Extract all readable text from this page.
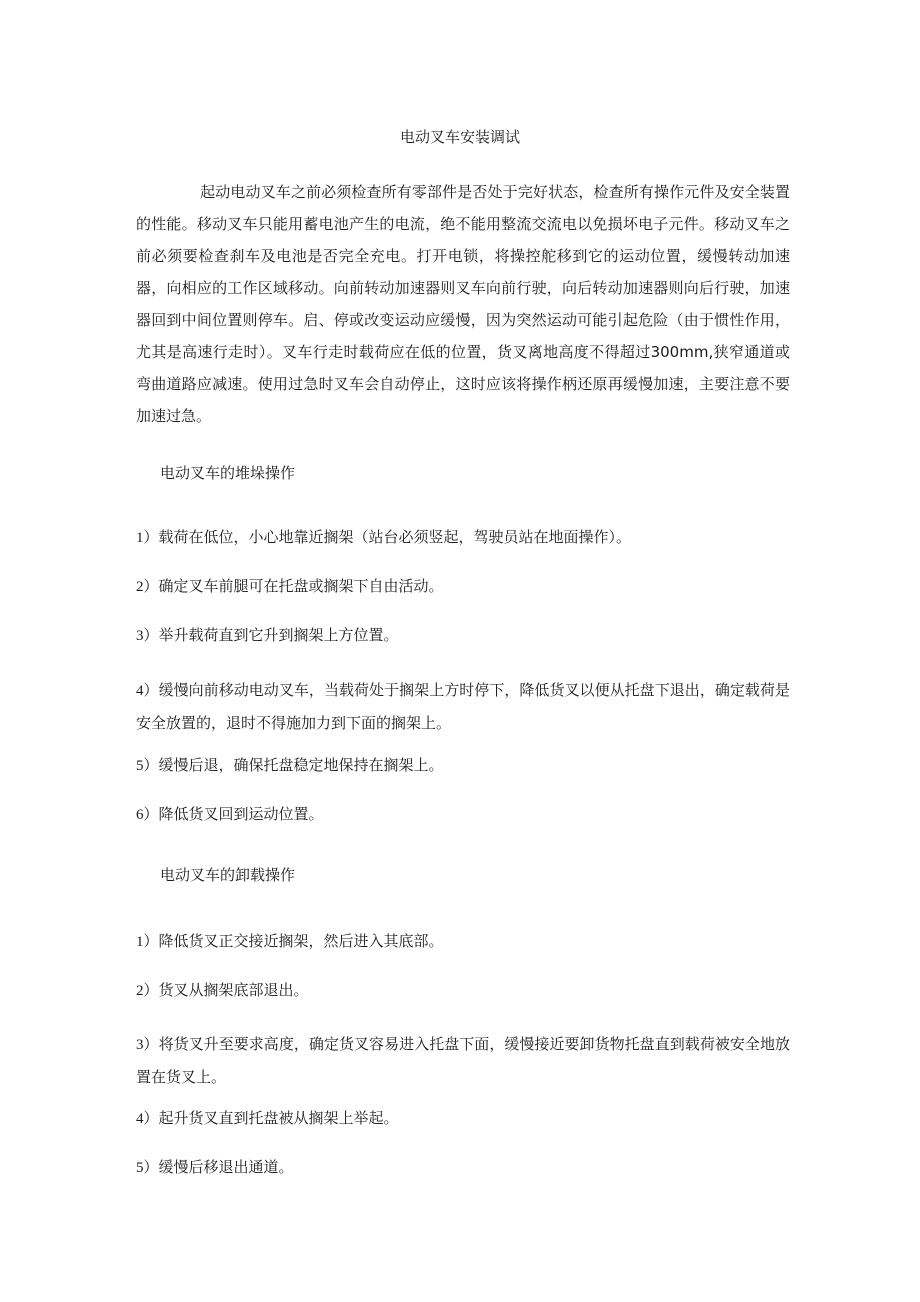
电动叉车安装调试

起动电动叉车之前必须检查所有零部件是否处于完好状态，检查所有操作元件及安全装置的性能。移动叉车只能用蓄电池产生的电流，绝不能用整流交流电以免损坏电子元件。移动叉车之前必须要检查刹车及电池是否完全充电。打开电锁，将操控舵移到它的运动位置，缓慢转动加速器，向相应的工作区域移动。向前转动加速器则叉车向前行驶，向后转动加速器则向后行驶，加速器回到中间位置则停车。启、停或改变运动应缓慢，因为突然运动可能引起危险（由于惯性作用，尤其是高速行走时）。叉车行走时载荷应在低的位置，货叉离地高度不得超过300mm,狭窄通道或弯曲道路应减速。使用过急时叉车会自动停止，这时应该将操作柄还原再缓慢加速，主要注意不要加速过急。

电动叉车的堆垛操作

1）载荷在低位，小心地靠近搁架（站台必须竖起，驾驶员站在地面操作）。

2）确定叉车前腿可在托盘或搁架下自由活动。

3）举升载荷直到它升到搁架上方位置。

4）缓慢向前移动电动叉车，当载荷处于搁架上方时停下，降低货叉以便从托盘下退出，确定载荷是安全放置的，退时不得施加力到下面的搁架上。

5）缓慢后退，确保托盘稳定地保持在搁架上。

6）降低货叉回到运动位置。

电动叉车的卸载操作

1）降低货叉正交接近搁架，然后进入其底部。

2）货叉从搁架底部退出。

3）将货叉升至要求高度，确定货叉容易进入托盘下面，缓慢接近要卸货物托盘直到载荷被安全地放置在货叉上。

4）起升货叉直到托盘被从搁架上举起。

5）缓慢后移退出通道。
